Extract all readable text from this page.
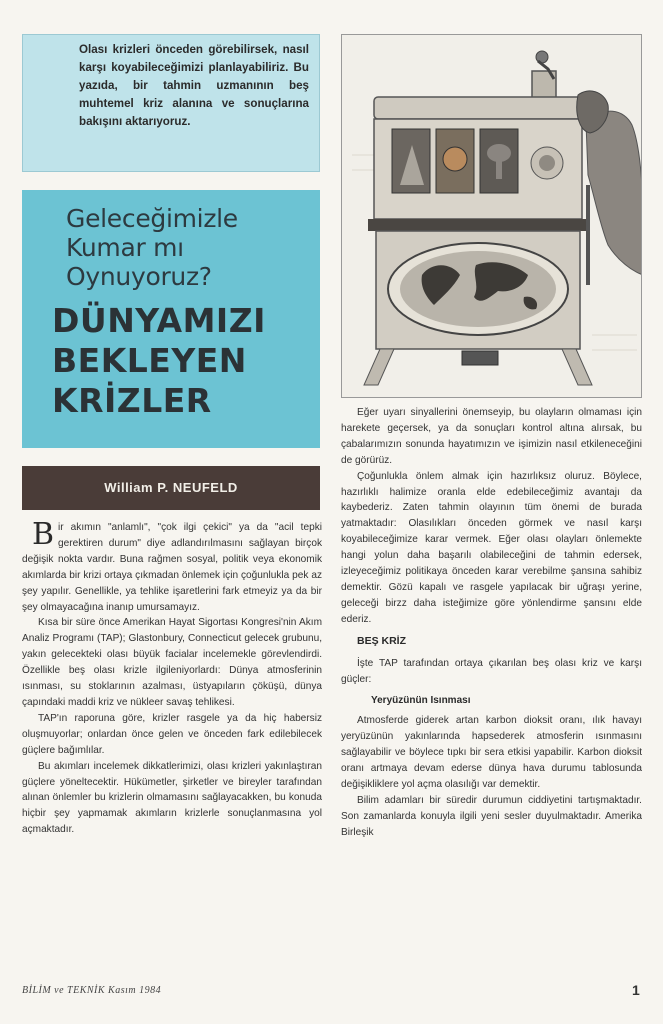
Olası krizleri önceden görebilirsek, nasıl karşı koyabileceğimizi planlayabiliriz. Bu yazıda, bir tahmin uzmanının beş muhtemel kriz alanına ve sonuçlarına bakışını aktarıyoruz.
Geleceğimizle
Kumar mı
Oynuyoruz?
DÜNYAMIZI
BEKLEYEN
KRİZLER
William P. NEUFELD

Bir akımın "anlamlı", "çok ilgi çekici" ya da "acil tepki gerektiren durum" diye adlandırılmasını sağlayan birçok değişik nokta vardır. Buna rağmen sosyal, politik veya ekonomik akımlarda bir krizi ortaya çıkmadan önlemek için çoğunlukla pek az şey yapılır. Genellikle, ya tehlike işaretlerini fark etmeyiz ya da bir şey olmayacağına inanıp umursamayız.

Kısa bir süre önce Amerikan Hayat Sigortası Kongresi'nin Akım Analiz Programı (TAP); Glastonbury, Connecticut gelecek grubunu, yakın gelecekteki olası büyük facialar incelemekle görevlendirdi. Özellikle beş olası krizle ilgileniyorlardı: Dünya atmosferinin ısınması, su stoklarının azalması, üstyapıların çöküşü, dünya çapındaki maddi kriz ve nükleer savaş tehlikesi.

TAP'ın raporuna göre, krizler rasgele ya da hiç habersiz oluşmuyorlar; onlardan önce gelen ve önceden fark edilebilecek güçlere bağımlılar.

Bu akımları incelemek dikkatlerimizi, olası krizleri yakınlaştıran güçlere yöneltecektir. Hükümetler, şirketler ve bireyler tarafından alınan önlemler bu krizlerin olmamasını sağlayacakken, bu konuda hiçbir şey yapmamak akımların krizlerle sonuçlanmasına yol açmaktadır.

Eğer uyarı sinyallerini önemseyip, bu olayların olmaması için harekete geçersek, ya da sonuçları kontrol altına alırsak, bu çabalarımızın sonunda hayatımızın ve işimizin nasıl etkileneceğini de görürüz.

Çoğunlukla önlem almak için hazırlıksız oluruz. Böylece, hazırlıklı halimize oranla elde edebileceğimiz avantajı da kaybederiz. Zaten tahmin olayının tüm önemi de burada yatmaktadır: Olasılıkları önceden görmek ve nasıl karşı koyabileceğimize karar vermek. Eğer olası olayları önlemekte hangi yolun daha başarılı olabileceğini de tahmin edersek, izleyeceğimiz politikaya önceden karar verebilme şansına sahibiz demektir. Gözü kapalı ve rasgele yapılacak bir uğraşı yerine, geleceği birzz daha isteğimize göre yönlendirme şansını elde ederiz.

BEŞ KRİZ

İşte TAP tarafından ortaya çıkarılan beş olası kriz ve karşı güçler:

Yeryüzünün Isınması

Atmosferde giderek artan karbon dioksit oranı, ılık havayı yeryüzünün yakınlarında hapsederek atmosferin ısınmasını sağlayabilir ve böylece tıpkı bir sera etkisi yapabilir. Karbon dioksit oranı artmaya devam ederse dünya hava durumu tablosunda değişikliklere yol açma olasılığı var demektir.

Bilim adamları bir süredir durumun ciddiyetini tartışmaktadır. Son zamanlarda konuyla ilgili yeni sesler duyulmaktadır. Amerika Birleşik

BİLİM ve TEKNİK Kasım 1984	1
